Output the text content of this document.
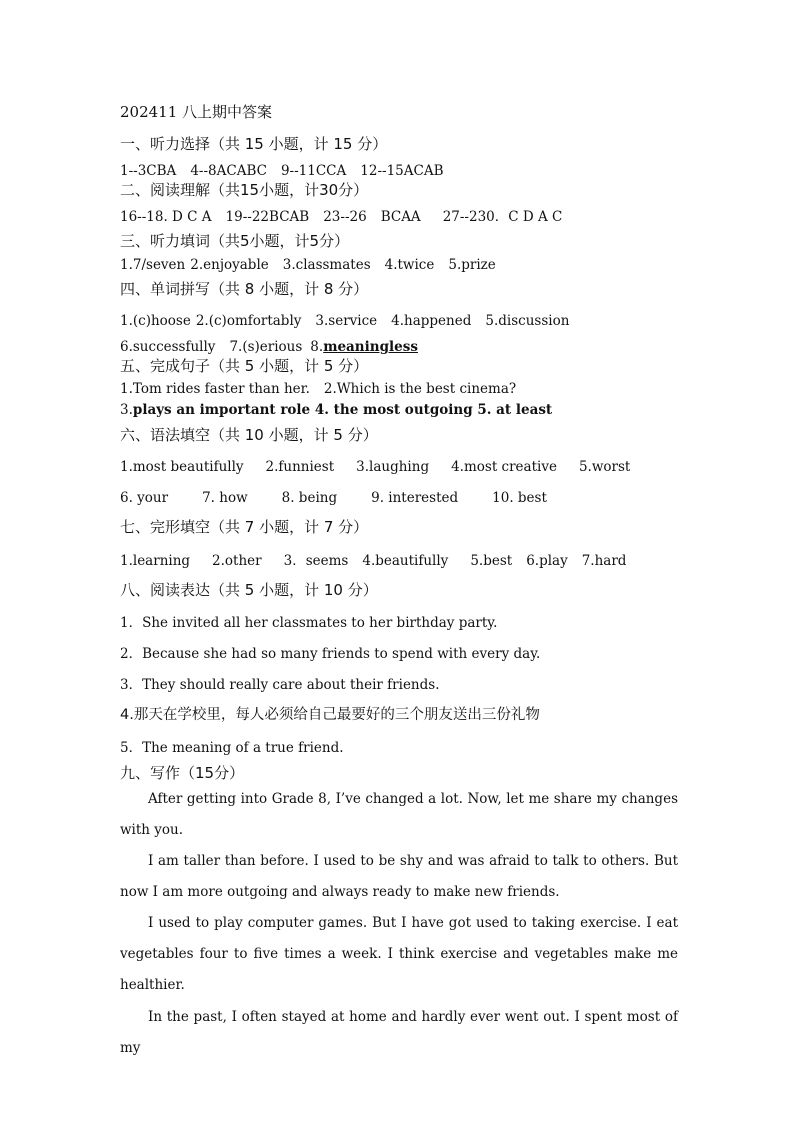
202411 八上期中答案
一、听力选择（共 15 小题，计 15 分）
1--3CBA 4--8ACABC 9--11CCA 12--15ACAB
二、阅读理解（共15小题，计30分）
16--18. D C A 19--22BCAB 23--26 BCAA 27--230．C D A C
三、听力填词（共5小题，计5分）
1.7/seven 2.enjoyable 3.classmates 4.twice 5.prize
四、单词拼写（共 8 小题，计 8 分）
1.(c)hoose 2.(c)omfortably 3.service 4.happened 5.discussion
6.successfully 7.(s)erious 8.meaningless
五、完成句子（共 5 小题，计 5 分）
1.Tom rides faster than her. 2.Which is the best cinema?
3.plays an important role 4. the most outgoing 5. at least
六、语法填空（共 10 小题，计 5 分）
1.most beautifully 2.funniest 3.laughing 4.most creative 5.worst
6. your	7. how	8. being	9. interested	10. best
七、完形填空（共 7 小题，计 7 分）
1.learning 2.other 3．seems 4.beautifully 5.best 6.play 7.hard
八、阅读表达（共 5 小题，计 10 分）
1．She invited all her classmates to her birthday party.
2．Because she had so many friends to spend with every day.
3．They should really care about their friends.
4.那天在学校里，每人必须给自己最要好的三个朋友送出三份礼物
5．The meaning of a true friend.
九、写作（15分）
After getting into Grade 8, I’ve changed a lot. Now, let me share my changes with you.
I am taller than before. I used to be shy and was afraid to talk to others. But now I am more outgoing and always ready to make new friends.
I used to play computer games. But I have got used to taking exercise. I eat vegetables four to five times a week. I think exercise and vegetables make me healthier.
In the past, I often stayed at home and hardly ever went out. I spent most of my
